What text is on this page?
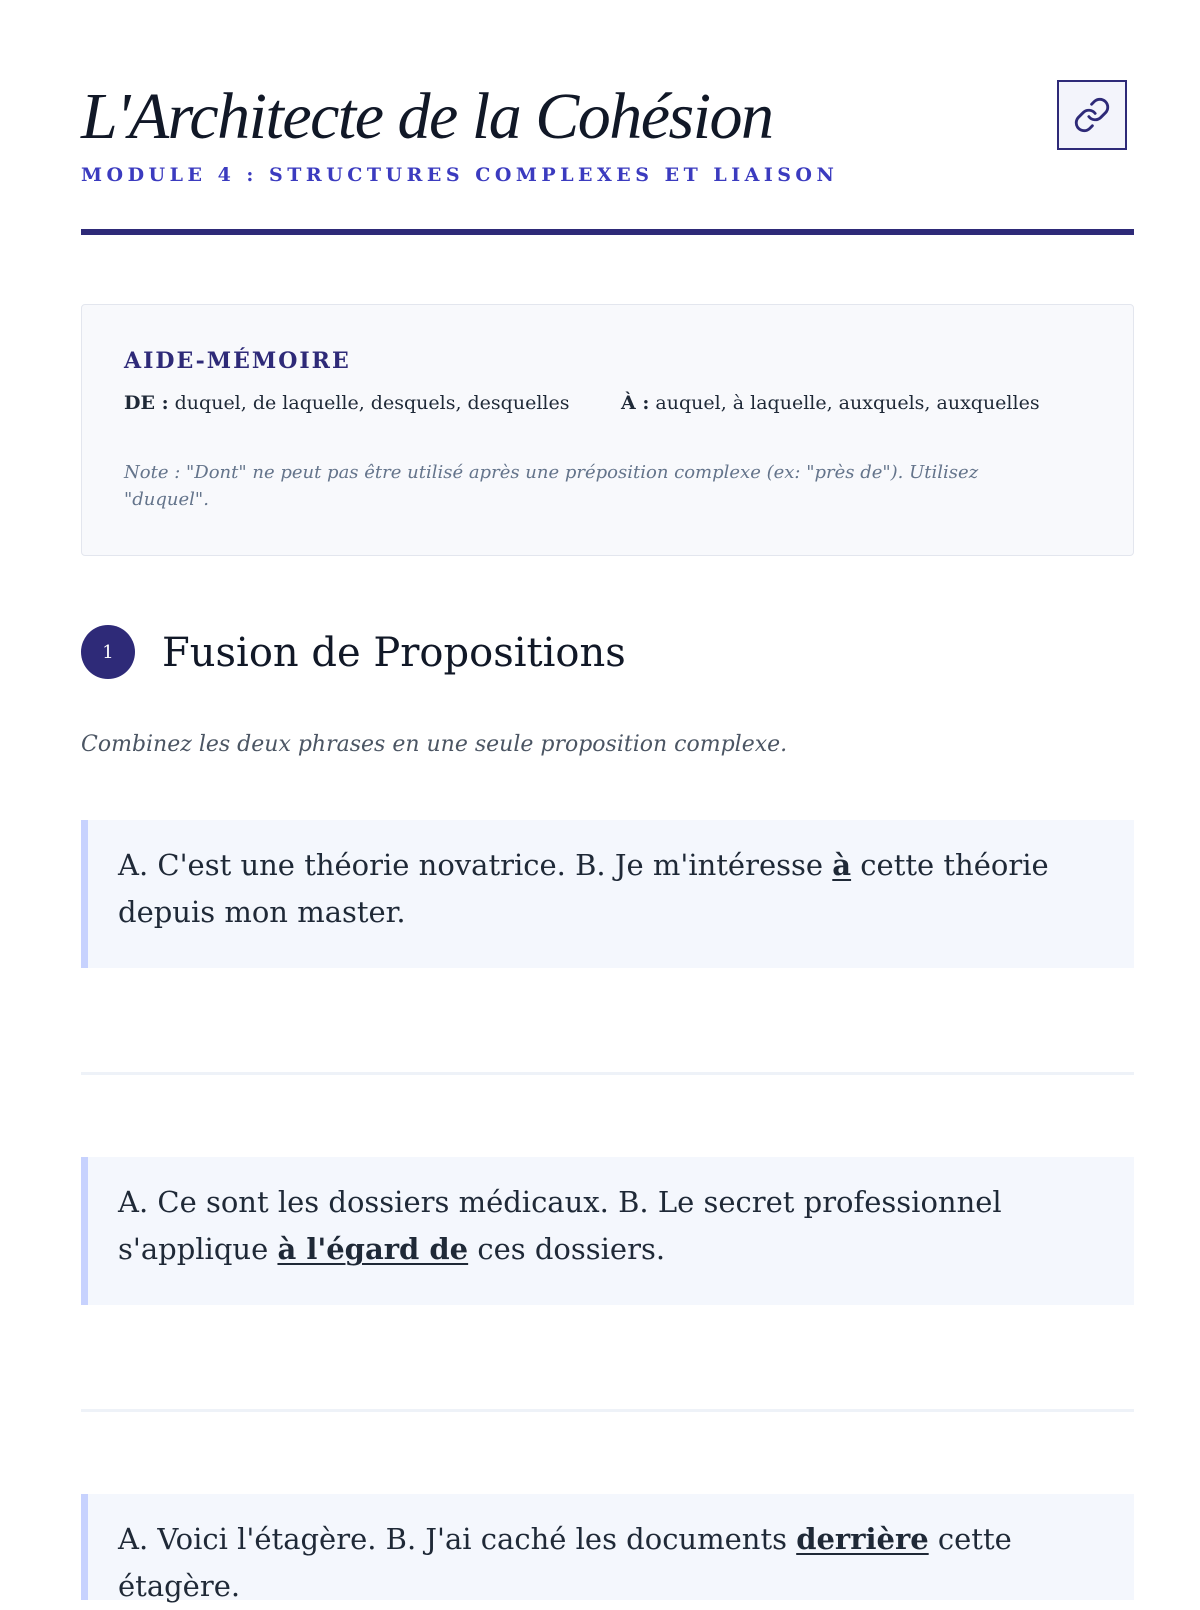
L'Architecte de la Cohésion
MODULE 4 : STRUCTURES COMPLEXES ET LIAISON
AIDE-MÉMOIRE
DE : duquel, de laquelle, desquels, desquelles	À : auquel, à laquelle, auxquels, auxquelles
Note : "Dont" ne peut pas être utilisé après une préposition complexe (ex: "près de"). Utilisez "duquel".
1	Fusion de Propositions
Combinez les deux phrases en une seule proposition complexe.
A. C'est une théorie novatrice. B. Je m'intéresse à cette théorie depuis mon master.
A. Ce sont les dossiers médicaux. B. Le secret professionnel s'applique à l'égard de ces dossiers.
A. Voici l'étagère. B. J'ai caché les documents derrière cette étagère.
